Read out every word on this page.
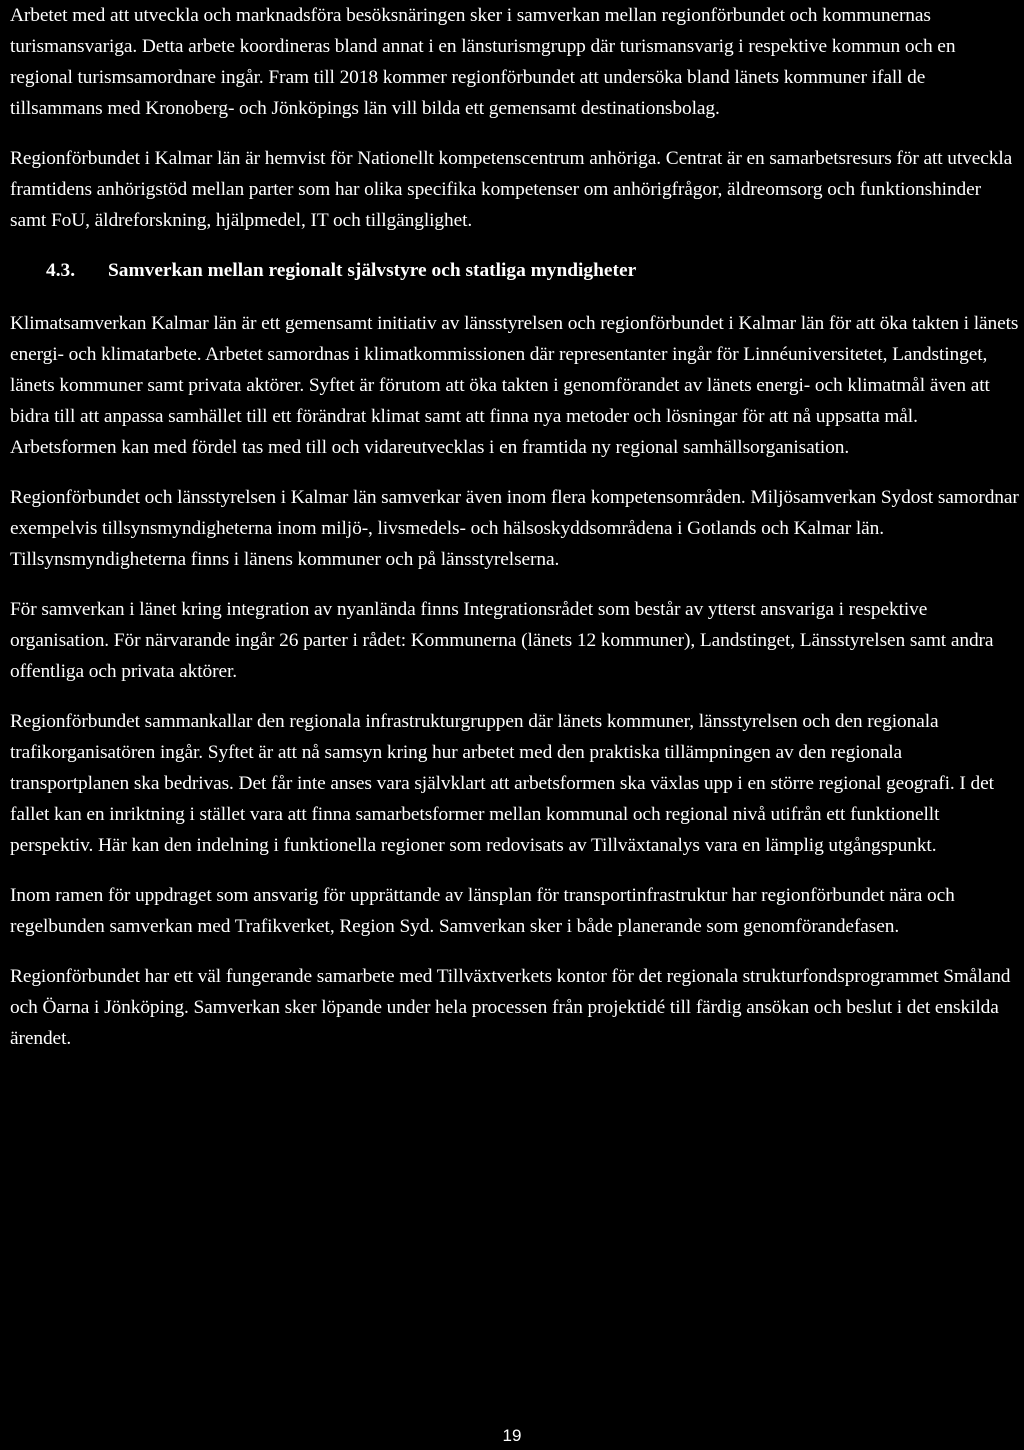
Arbetet med att utveckla och marknadsföra besöksnäringen sker i samverkan mellan regionförbundet och kommunernas turismansvariga. Detta arbete koordineras bland annat i en länsturismgrupp där turismansvarig i respektive kommun och en regional turismsamordnare ingår. Fram till 2018 kommer regionförbundet att undersöka bland länets kommuner ifall de tillsammans med Kronoberg- och Jönköpings län vill bilda ett gemensamt destinationsbolag.

Regionförbundet i Kalmar län är hemvist för Nationellt kompetenscentrum anhöriga. Centrat är en samarbetsresurs för att utveckla framtidens anhörigstöd mellan parter som har olika specifika kompetenser om anhörigfrågor, äldreomsorg och funktionshinder samt FoU, äldreforskning, hjälpmedel, IT och tillgänglighet.

4.3.	Samverkan mellan regionalt självstyre och statliga myndigheter

Klimatsamverkan Kalmar län är ett gemensamt initiativ av länsstyrelsen och regionförbundet i Kalmar län för att öka takten i länets energi- och klimatarbete. Arbetet samordnas i klimatkommissionen där representanter ingår för Linnéuniversitetet, Landstinget, länets kommuner samt privata aktörer. Syftet är förutom att öka takten i genomförandet av länets energi- och klimatmål även att bidra till att anpassa samhället till ett förändrat klimat samt att finna nya metoder och lösningar för att nå uppsatta mål. Arbetsformen kan med fördel tas med till och vidareutvecklas i en framtida ny regional samhällsorganisation.

Regionförbundet och länsstyrelsen i Kalmar län samverkar även inom flera kompetensområden. Miljösamverkan Sydost samordnar exempelvis tillsynsmyndigheterna inom miljö-, livsmedels- och hälsoskyddsområdena i Gotlands och Kalmar län. Tillsynsmyndigheterna finns i länens kommuner och på länsstyrelserna.

För samverkan i länet kring integration av nyanlända finns Integrationsrådet som består av ytterst ansvariga i respektive organisation. För närvarande ingår 26 parter i rådet: Kommunerna (länets 12 kommuner), Landstinget, Länsstyrelsen samt andra offentliga och privata aktörer.

Regionförbundet sammankallar den regionala infrastrukturgruppen där länets kommuner, länsstyrelsen och den regionala trafikorganisatören ingår. Syftet är att nå samsyn kring hur arbetet med den praktiska tillämpningen av den regionala transportplanen ska bedrivas. Det får inte anses vara självklart att arbetsformen ska växlas upp i en större regional geografi. I det fallet kan en inriktning i stället vara att finna samarbetsformer mellan kommunal och regional nivå utifrån ett funktionellt perspektiv. Här kan den indelning i funktionella regioner som redovisats av Tillväxtanalys vara en lämplig utgångspunkt.

Inom ramen för uppdraget som ansvarig för upprättande av länsplan för transportinfrastruktur har regionförbundet nära och regelbunden samverkan med Trafikverket, Region Syd. Samverkan sker i både planerande som genomförandefasen.

Regionförbundet har ett väl fungerande samarbete med Tillväxtverkets kontor för det regionala strukturfondsprogrammet Småland och Öarna i Jönköping. Samverkan sker löpande under hela processen från projektidé till färdig ansökan och beslut i det enskilda ärendet.

19
